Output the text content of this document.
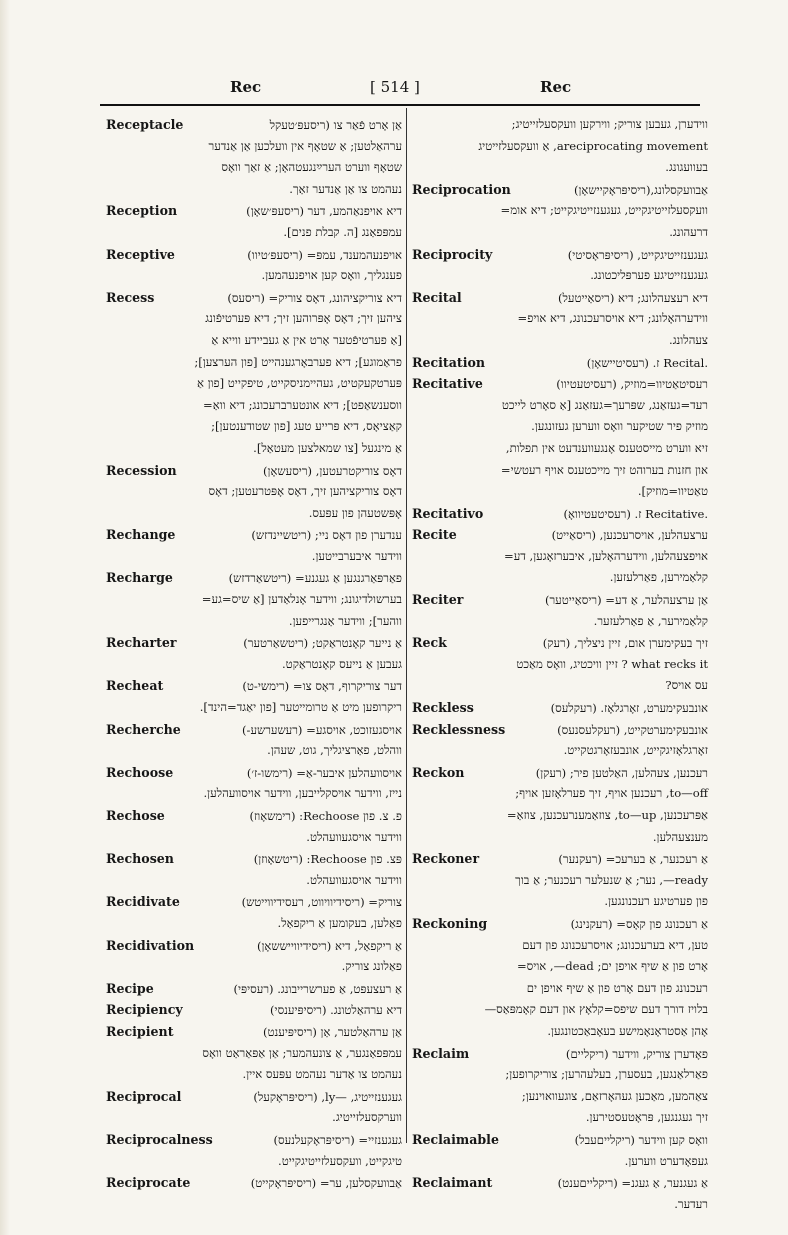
Rec	[ 514 ]	Rec
Receptacle	אַן אָרט פֿאַר צו (ריסעפּ׳טעקל
ערהאַלטען; אַ שטאָף אין וועלכען אַן אַנדער
שטאָף ווערט הערײַנגעטהאָן; אַ זאַך וואָס
נעהמט צו אַן אַנדער זאַך.
Reception	דיא אויפנאַהמע, דער (ריסעפּ׳שאָן)
עמפּפאַנג [ה. קבלת פנים].
Receptive	אויפנעהמענד, עמפּ= (ריסעפּ׳טיוו)
פענגליך, וואָס קען אויפנעהמען.
Recess	דיא צוריקציהונג, דאָס צוריק= (ריסעס)
ציהען זיך; דאָס אָפּרוהען זיך; דיא פּערטיפֿונג
[אַ פערטיפֿטער אָרט אין אַ געביידע ווייא אַ
פראַמוגע]; דיא פערבאָרגענהייט [פון הערצען];
פּערטקעקטיט, געהיימניסקייט, טיפקייט [פון אַ
ווסענשאַפט]; דיא אונטערברעכונג; דיא וואַ=
קאַציאָס, דיא פּרייע טעג [פון שטודענטען];
אַ מינגעל [צו שמאלצען מעטאַל].
Recession	דאָס צוריקטרעטען, (ריסעשאָן)
דאָס צוריקציהען זיך, דאָס אָפּטרעטען; דאָס
אָפּשטעהן פון עפּעס.
Rechange	ענדערן פון דאָס ניי; (ריטשיינדזש)
ווידער איבערבייטען.
Recharge	פאַרפּאַרגנגען אַ געגנע= (ריטשאַרדזש)
בערשולדיגונג; ווידער אָנלאַדען [אַ שיס=גע=
ווהער]; ווידער אַנגרייפען.
Recharter	אַ נייער קאָנטראַקט; (ריטשאַרטער)
געבען אַ נייעס קאָנטראַקט.
Recheat	דער צוריקרוף, דאָס צו= (רימשי-ט)
ריקרופען מיט אַ טרומייטער [פון יאַגד=הינד].
Recherche	אויסגעזוכט, אויסגע= (רעשערשע-)
ווהלט, פאַרציגליך, גוט, שעהן.
Rechoose	אויסוועהלען איבער-אַ= (רימשו-ז׳)
נייז, ווידער אויסקלייבען, ווידער אויסוועהלען.
Rechose	פ. צ. פון Rechoose: (רימשאָוז)
ווידער אויסגעוועהלט.
Rechosen	פּצ. פון Rechoose: (ריטשאָוזן)
ווידער אויסגעוועהלט.
Recidivate	צוריק= (ריסידיוויווט, רעסידיווייטש)
פאַלען, בעקומען אַ ריקפאַל.
Recidivation	אַ ריקפאַל, דיא (ריסידיווייששאָן)
פאַלונג צוריק.
Recipe	אַ רעצעפּט, אַ פערשרייבונג. (רעסיפּי)
Recipiency	דיא ערהאַלטונג. (ריסיפּיענסי)
Recipient	אַן ערהאַלטער, אַן (ריסיפּיענט)
עמפּפאַנגער, אַ צונעהמער; אַן אַפּאַראַט וואָס
נעהמט צו אַדער נעהמט עפּעס איין.
Reciprocal	געגענזייטיג, —ly, (ריסיפּראָקעל)
ווערקסעלזייטיג.
Reciprocalness	געגענזיי= (ריסיפּראָקעלנעס)
טיגקייט, וועקסעלזייטיגקייט.
Reciprocate	אַבוועקסלען, ער= (ריסיפּראָקייט)
ווידערן, געבען צוריק; ווירקען וועקסעלזייטיג;
areciprocating movement, אַ וועקסעלזייטיג
בעוועגונג.
Reciprocation	אַבוועקסלונג,(ריסיפּראָקיישאָן)
וועקסעלזייטיגקייט, געגענזייטיגקייט; דיא אומ=
דרעהונג.
Reciprocity	געגענזייטיגקייט, (ריסיפּראָסיטי)
געגענזייטיגע פערפּליכטונג.
Recital	דיא רעצעהלונג; דיא (ריסאַייטעל)
ווידערהאָלונג; דיא אויסרעכנונג, דיא אויפ=
צעהלונג.
Recitation	.Recital ז. (רעסיטיישאָן)
Recitative	רעסיטאַטיוו=מוזיק, (רעסיטעטיוו)
רעד=געזאַנג, שפּרעך=געזאַנג [אַ סאָרט לייכט
מוזיק פיר שטיקער וואָס ווערען געזונגען.
זיא ווערט מייסטענס אָנגעווענדעט אין תפלות,
און חזנות בערוהט זיך מייכטענס אויף רעטשי=
טאַטיוו=מוזיק].
Recitativo	.Recitative ז. (רעסיטעטיוואָ)
Recite	ערצעהלען, אויסרעכנען, (ריסאַייט)
אויפצעהלען, ווידערהאָלען, איבערזאָגען, דע=
קלאַמירען, פאַרלעזען.
Reciter	אַן ערצעהלער, אַ דע= (ריסאַייטער)
קלאַמירער, אַ פאַרלעזער.
Reck	זיך בעקימערן אום, זיין ניצליך, (רעק)
what recks it ? זיין וויכטיג, וואָס מאַכט
עס אויס?
Reckless	אונבעקימערט, זאָרגלאָז. (רעקלעס)
Recklessness	אונבעקימערטקייט, (רעקלעסנעס)
זאָרגלאָזיגקייט, אונבעזאָרגטקייט.
Reckon	רעכנען, צעהלען, האַלטען פיר; (רעקן)
to—off, רעכנען אויף, זיך פערלאָזען אויף;
אַפּרעכנען, to—up, צוזאַמענרעכנען, צוזאַ=
מענצעהלען.
Reckoner	אַ רעכנער, אַ בערעכ= (רעקנער)
ready—, נער; אַ שנעלער רעכנער; אַ בוך
פון פערטיגע רעכנונגען.
Reckoning	אַ רעכנונג פון קאָס= (רעקנינג)
טען, דיא בערעכנונג; אויסרעכנונג פון דעם
אָרט פון אַ שיף אויפן ים; dead—, אויס=
רעכנונג פון דעם אָרט פון אַ שיף אויפן ים
בלויז דורך דעם שיפס=קלאָץ און דעם קאָמפּאַס—
אָהן אַסטראָנאָמישע בעאָבאַכטונגען.
Reclaim	פאָדערן צוריק, ווידער (ריקליים)
פאַרלאַנגען, בעסערן, בעלעהרען; צוריקרופען;
צאַהמען, מאַכען געהאָרזאַם, צוגעוואוינען;
זיך געגנגען, פּראָטעסטירען.
Reclaimable	וואָס קען ווידער (ריקלייםעבל)
געפאָדערט ווערען.
Reclaimant	אַ געגנער, אַ געגנ= (ריקלייםענט)
רעדער.
